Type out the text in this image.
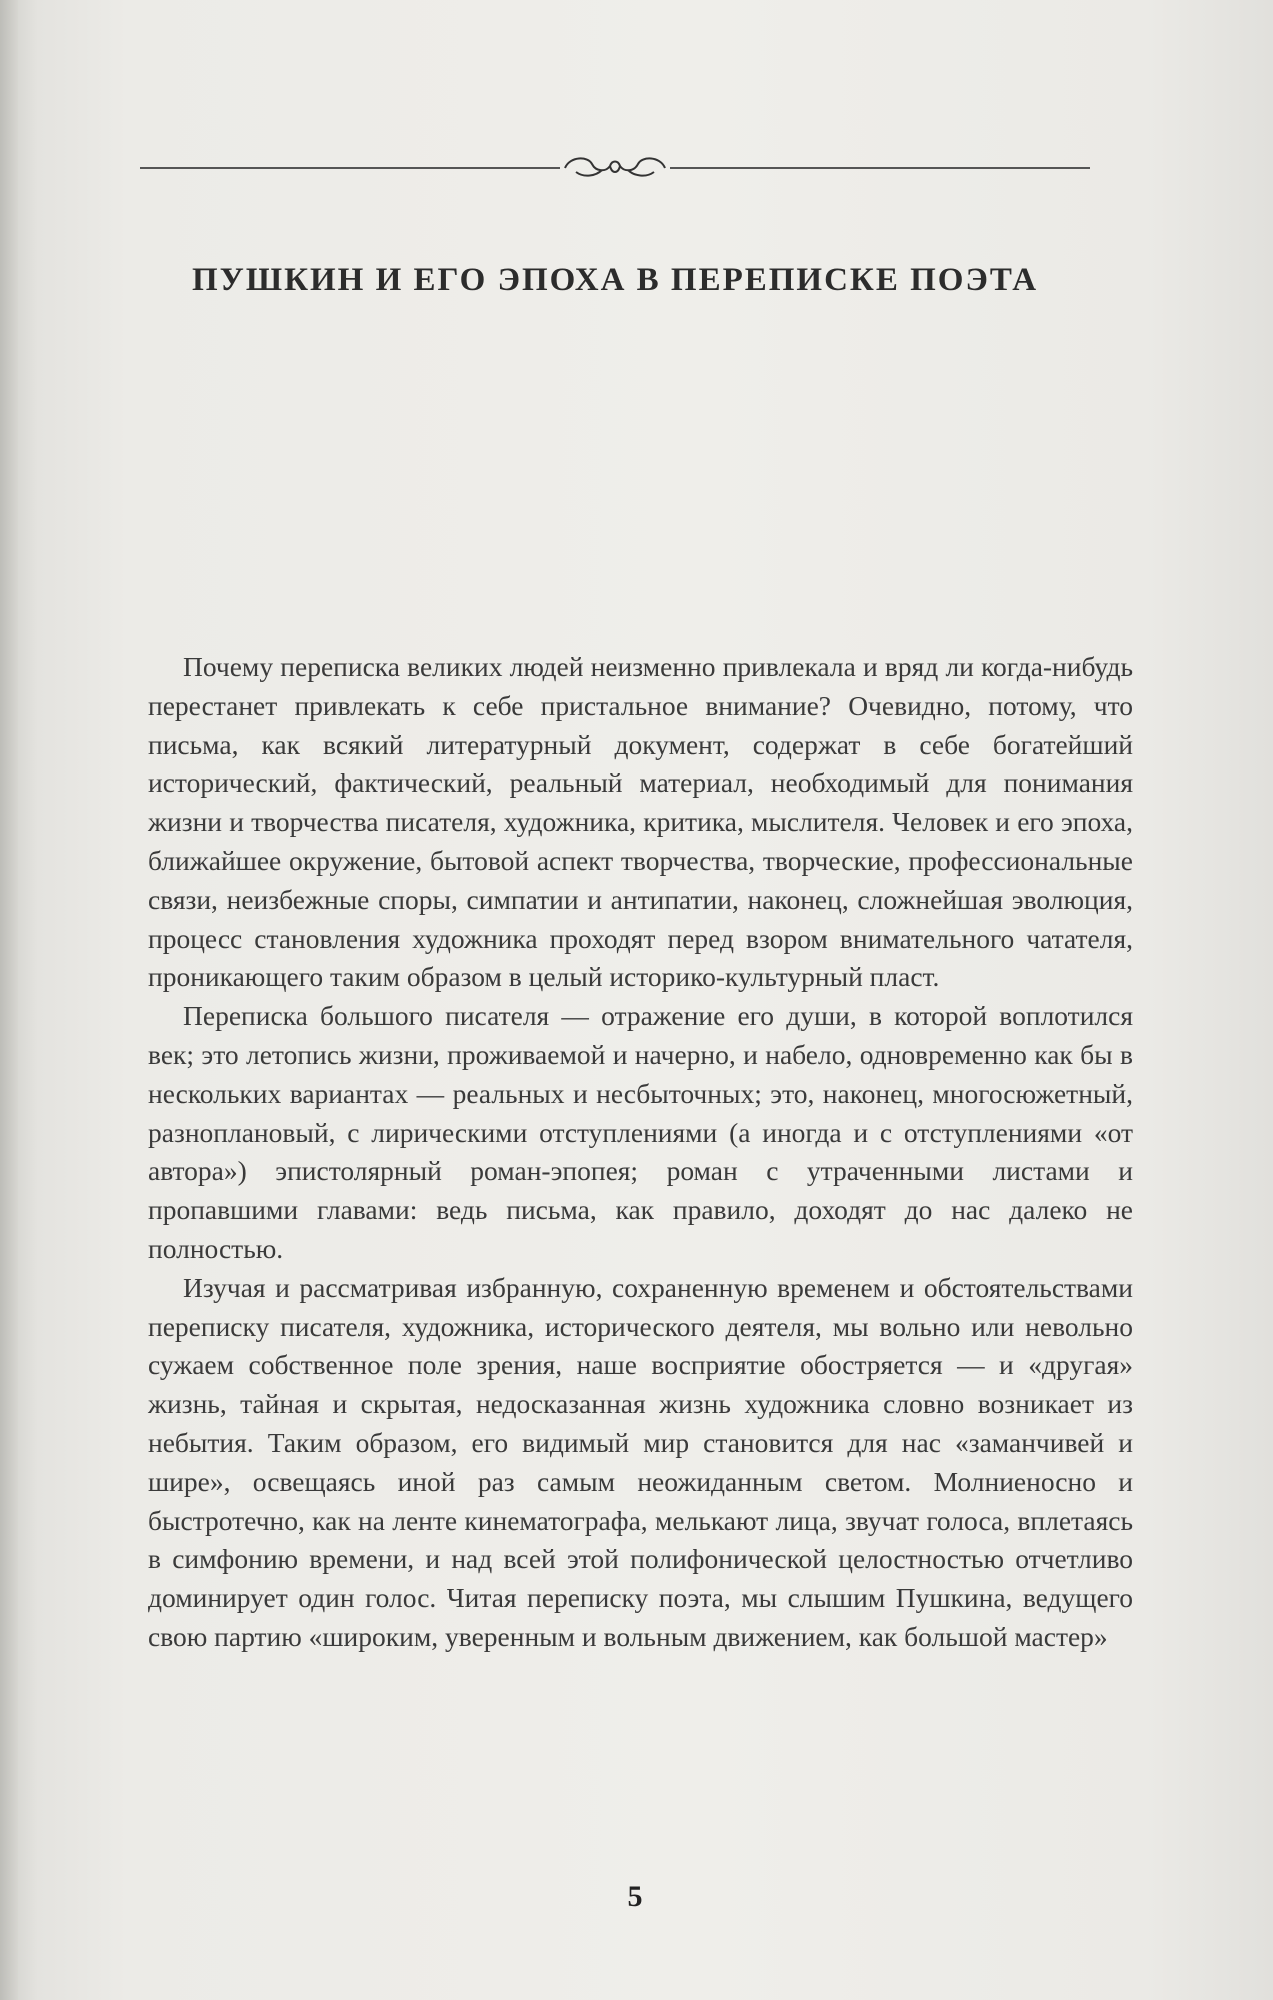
ПУШКИН И ЕГО ЭПОХА В ПЕРЕПИСКЕ ПОЭТА

Почему переписка великих людей неизменно привлекала и вряд ли когда-нибудь перестанет привлекать к себе пристальное внимание? Очевидно, потому, что письма, как всякий литературный документ, содержат в себе богатейший исторический, фактический, реальный материал, необходимый для понимания жизни и творчества писателя, художника, критика, мыслителя. Человек и его эпоха, ближайшее окружение, бытовой аспект творчества, творческие, профессиональные связи, неизбежные споры, симпатии и антипатии, наконец, сложнейшая эволюция, процесс становления художника проходят перед взором внимательного чатателя, проникающего таким образом в целый историко-культурный пласт.

Переписка большого писателя — отражение его души, в которой воплотился век; это летопись жизни, проживаемой и начерно, и набело, одновременно как бы в нескольких вариантах — реальных и несбыточных; это, наконец, многосюжетный, разноплановый, с лирическими отступлениями (а иногда и с отступлениями «от автора») эпистолярный роман-эпопея; роман с утраченными листами и пропавшими главами: ведь письма, как правило, доходят до нас далеко не полностью.

Изучая и рассматривая избранную, сохраненную временем и обстоятельствами переписку писателя, художника, исторического деятеля, мы вольно или невольно сужаем собственное поле зрения, наше восприятие обостряется — и «другая» жизнь, тайная и скрытая, недосказанная жизнь художника словно возникает из небытия. Таким образом, его видимый мир становится для нас «заманчивей и шире», освещаясь иной раз самым неожиданным светом. Молниеносно и быстротечно, как на ленте кинематографа, мелькают лица, звучат голоса, вплетаясь в симфонию времени, и над всей этой полифонической целостностью отчетливо доминирует один голос. Читая переписку поэта, мы слышим Пушкина, ведущего свою партию «широким, уверенным и вольным движением, как большой мастер»

5
